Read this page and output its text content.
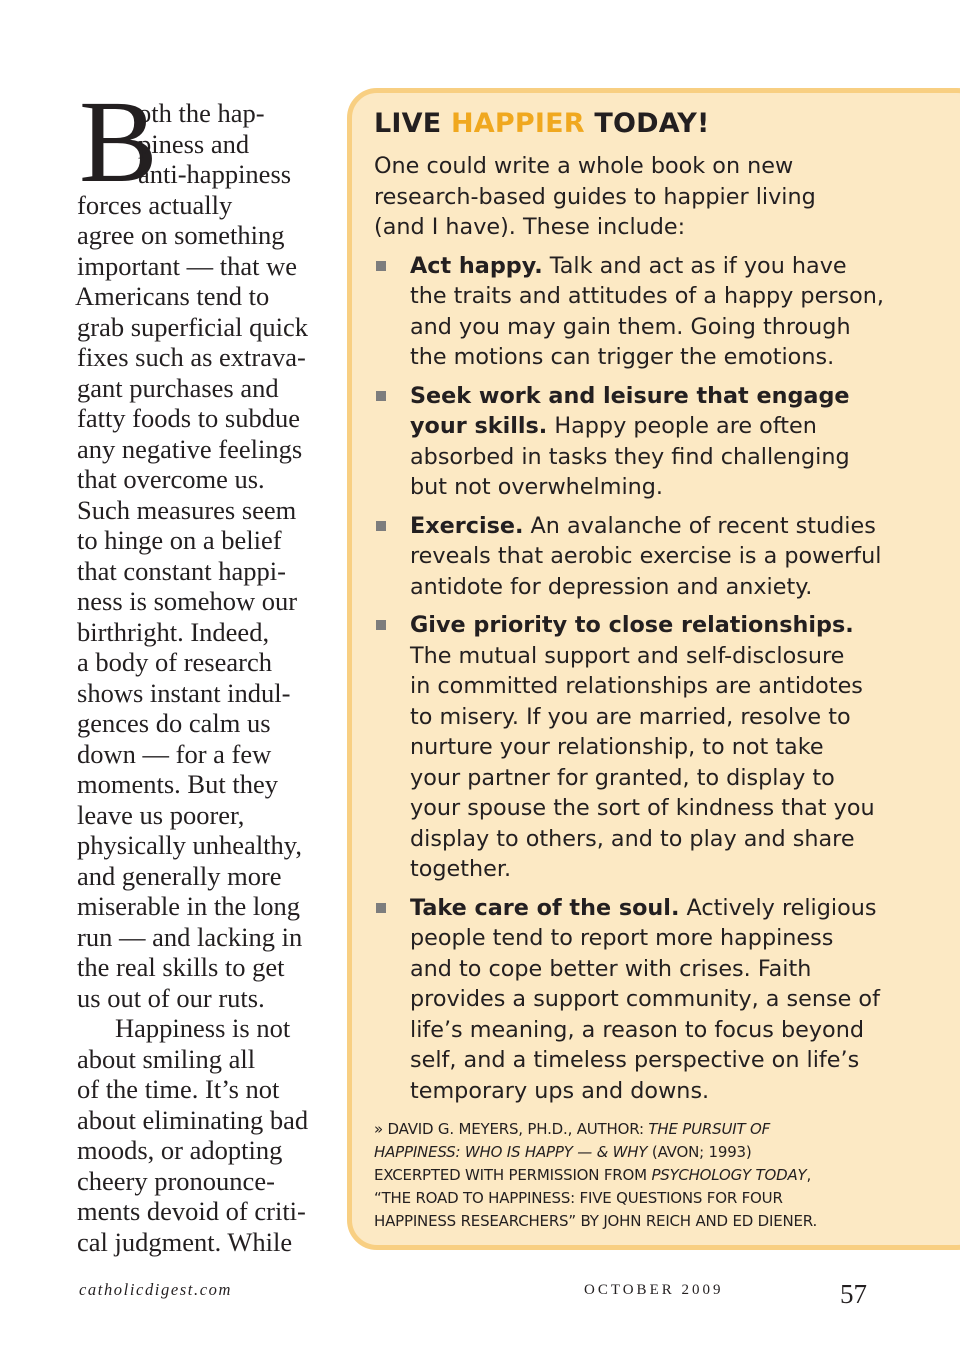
B
oth the hap-
piness and
anti-happiness
forces actually
agree on something
important — that we
Americans tend to
grab superficial quick
fixes such as extrava-
gant purchases and
fatty foods to subdue
any negative feelings
that overcome us.
Such measures seem
to hinge on a belief
that constant happi-
ness is somehow our
birthright. Indeed,
a body of research
shows instant indul-
gences do calm us
down — for a few
moments. But they
leave us poorer,
physically unhealthy,
and generally more
miserable in the long
run — and lacking in
the real skills to get
us out of our ruts.
Happiness is not
about smiling all
of the time. It’s not
about eliminating bad
moods, or adopting
cheery pronounce-
ments devoid of criti-
cal judgment. While
LIVE HAPPIER TODAY!
One could write a whole book on new
research-based guides to happier living
(and I have). These include:
Act happy. Talk and act as if you have
the traits and attitudes of a happy person,
and you may gain them. Going through
the motions can trigger the emotions.
Seek work and leisure that engage
your skills. Happy people are often
absorbed in tasks they find challenging
but not overwhelming.
Exercise. An avalanche of recent studies
reveals that aerobic exercise is a powerful
antidote for depression and anxiety.
Give priority to close relationships.
The mutual support and self-disclosure
in committed relationships are antidotes
to misery. If you are married, resolve to
nurture your relationship, to not take
your partner for granted, to display to
your spouse the sort of kindness that you
display to others, and to play and share
together.
Take care of the soul. Actively religious
people tend to report more happiness
and to cope better with crises. Faith
provides a support community, a sense of
life’s meaning, a reason to focus beyond
self, and a timeless perspective on life’s
temporary ups and downs.
» DAVID G. MEYERS, PH.D., AUTHOR: THE PURSUIT OF
HAPPINESS: WHO IS HAPPY — & WHY (AVON; 1993)
EXCERPTED WITH PERMISSION FROM PSYCHOLOGY TODAY,
“THE ROAD TO HAPPINESS: FIVE QUESTIONS FOR FOUR
HAPPINESS RESEARCHERS” BY JOHN REICH AND ED DIENER.
catholicdigest.com	OCTOBER 2009	57
